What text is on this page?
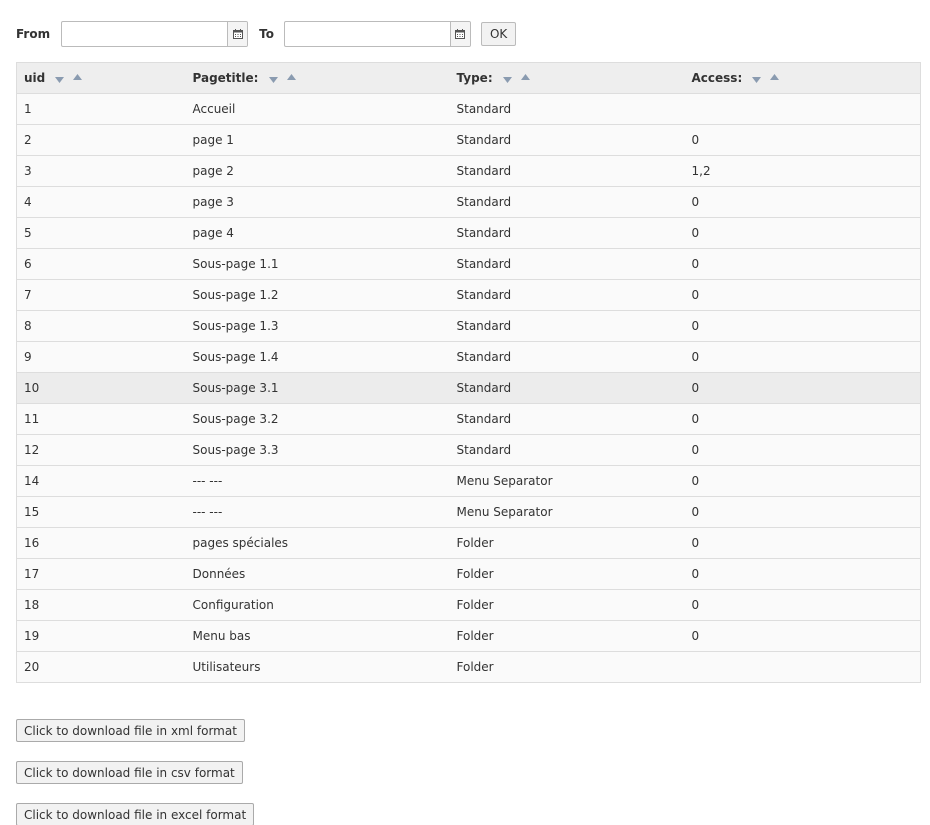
From	To	OK
uid	Pagetitle:	Type:	Access:

1	Accueil	Standard	
2	page 1	Standard	0
3	page 2	Standard	1,2
4	page 3	Standard	0
5	page 4	Standard	0
6	Sous-page 1.1	Standard	0
7	Sous-page 1.2	Standard	0
8	Sous-page 1.3	Standard	0
9	Sous-page 1.4	Standard	0
10	Sous-page 3.1	Standard	0
11	Sous-page 3.2	Standard	0
12	Sous-page 3.3	Standard	0
14	--- ---	Menu Separator	0
15	--- ---	Menu Separator	0
16	pages spéciales	Folder	0
17	Données	Folder	0
18	Configuration	Folder	0
19	Menu bas	Folder	0
20	Utilisateurs	Folder	
Click to download file in xml format
Click to download file in csv format
Click to download file in excel format
